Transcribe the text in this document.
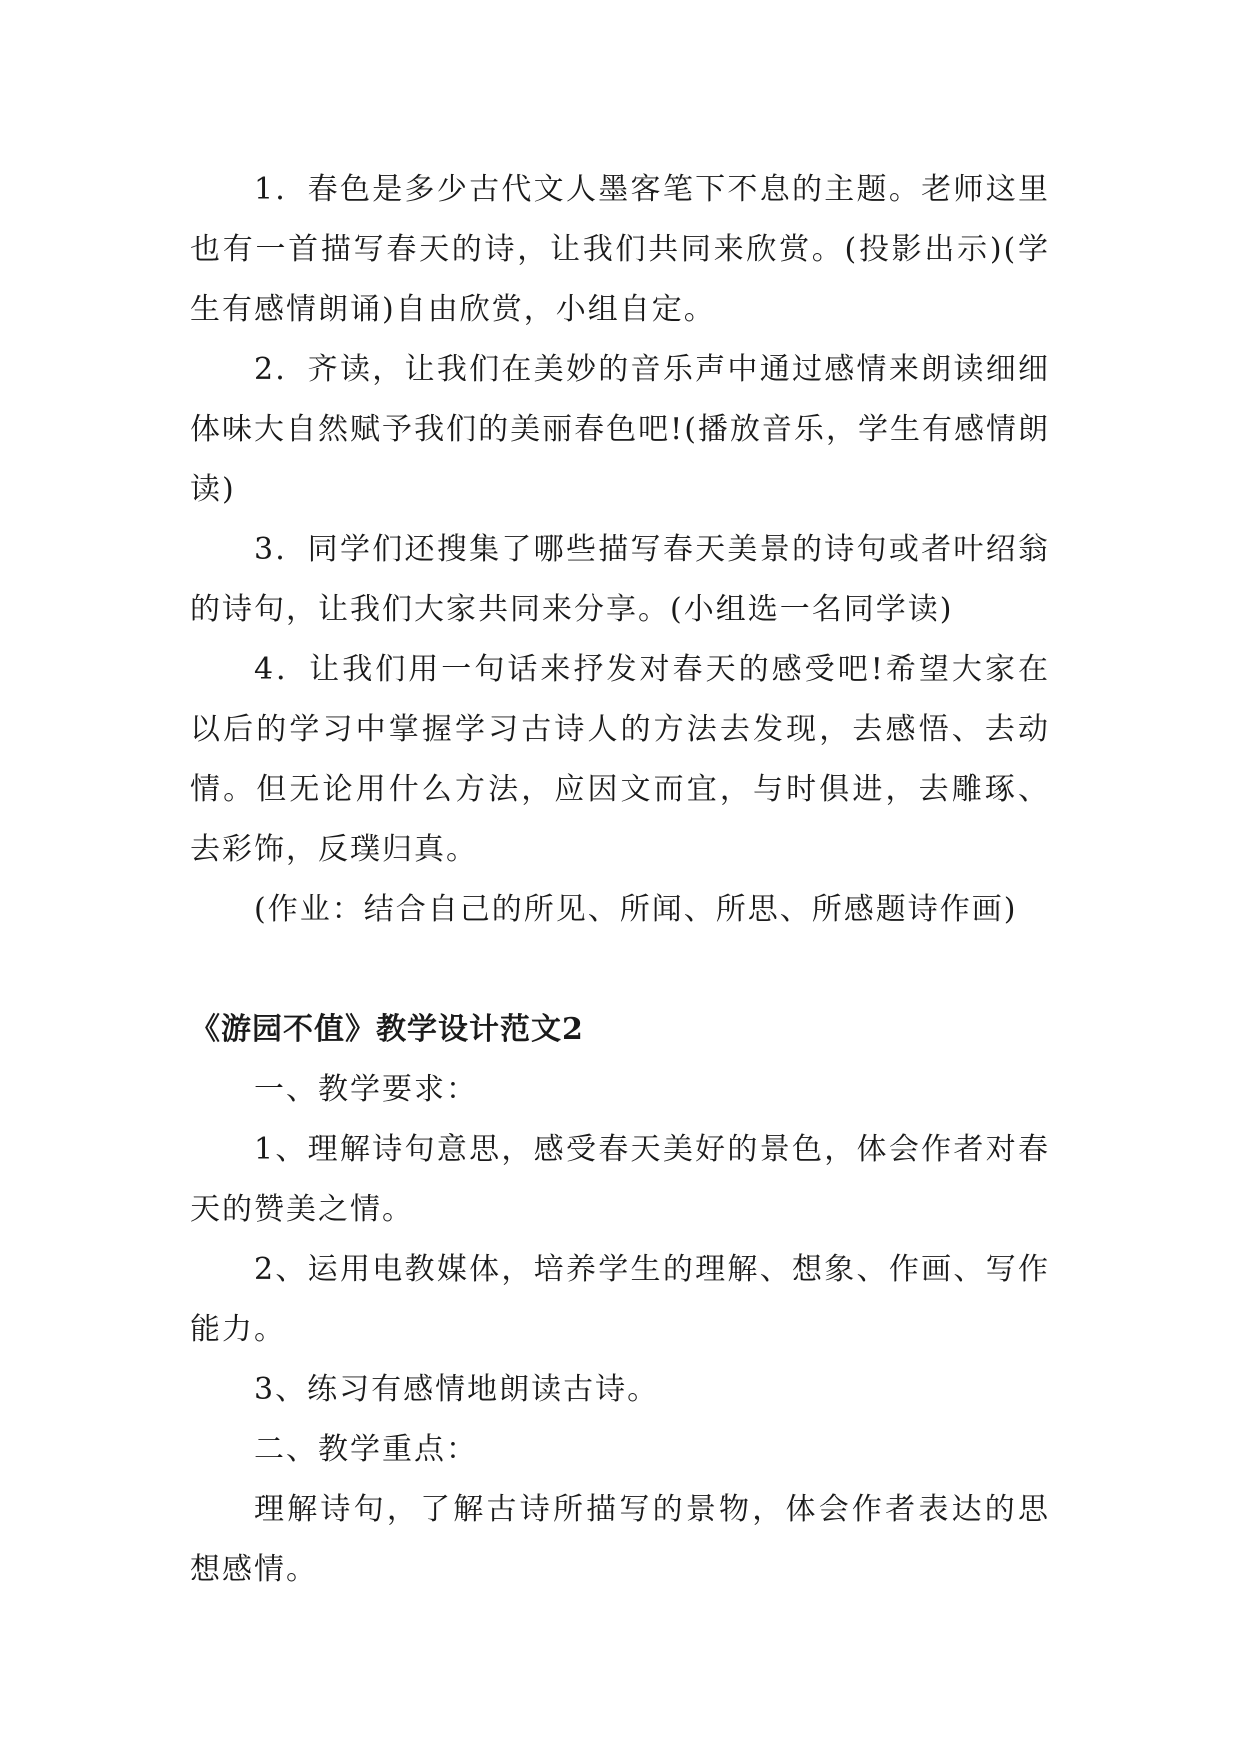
1．春色是多少古代文人墨客笔下不息的主题。老师这里也有一首描写春天的诗，让我们共同来欣赏。(投影出示)(学生有感情朗诵)自由欣赏，小组自定。

2．齐读，让我们在美妙的音乐声中通过感情来朗读细细体味大自然赋予我们的美丽春色吧!(播放音乐，学生有感情朗读)

3．同学们还搜集了哪些描写春天美景的诗句或者叶绍翁的诗句，让我们大家共同来分享。(小组选一名同学读)

4．让我们用一句话来抒发对春天的感受吧!希望大家在以后的学习中掌握学习古诗人的方法去发现，去感悟、去动情。但无论用什么方法，应因文而宜，与时俱进，去雕琢、去彩饰，反璞归真。

(作业：结合自己的所见、所闻、所思、所感题诗作画)

《游园不值》教学设计范文2

一、教学要求：

1、理解诗句意思，感受春天美好的景色，体会作者对春天的赞美之情。

2、运用电教媒体，培养学生的理解、想象、作画、写作能力。

3、练习有感情地朗读古诗。

二、教学重点：

理解诗句，了解古诗所描写的景物，体会作者表达的思想感情。
